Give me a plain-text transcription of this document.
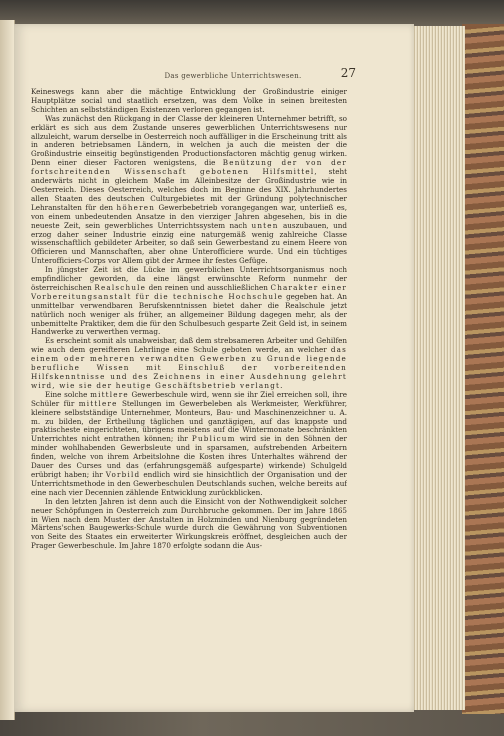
Das gewerbliche Unterrichtswesen.	27

Keineswegs kann aber die mächtige Entwicklung der Großindustrie einiger Hauptplätze social und staatlich ersetzen, was dem Volke in seinen breitesten Schichten an selbstständigen Existenzen verloren gegangen ist.

Was zunächst den Rückgang in der Classe der kleineren Unternehmer betrifft, so erklärt es sich aus dem Zustande unseres gewerblichen Unterrichtswesens nur allzuleicht, warum derselbe in Oesterreich noch auffälliger in die Erscheinung tritt als in anderen betriebsamen Ländern, in welchen ja auch die meisten der die Großindustrie einseitig begünstigenden Productionsfactoren mächtig genug wirken. Denn einer dieser Factoren wenigstens, die Benützung der von der fortschreitenden Wissenschaft gebotenen Hilfsmittel, steht anderwärts nicht in gleichem Maße im Alleinbesitze der Großindustrie wie in Oesterreich. Dieses Oesterreich, welches doch im Beginne des XIX. Jahrhundertes allen Staaten des deutschen Culturgebietes mit der Gründung polytechnischer Lehranstalten für den höheren Gewerbebetrieb vorangegangen war, unterließ es, von einem unbedeutenden Ansatze in den vierziger Jahren abgesehen, bis in die neueste Zeit, sein gewerbliches Unterrichtssystem nach unten auszubauen, und erzog daher seiner Industrie einzig eine naturgemäß wenig zahlreiche Classe wissenschaftlich gebildeter Arbeiter, so daß sein Gewerbestand zu einem Heere von Officieren und Mannschaften, aber ohne Unterofficiere wurde. Und ein tüchtiges Unterofficiers-Corps vor Allem gibt der Armee ihr festes Gefüge.

In jüngster Zeit ist die Lücke im gewerblichen Unterrichtsorganismus noch empfindlicher geworden, da eine längst erwünschte Reform nunmehr der österreichischen Realschule den reinen und ausschließlichen Charakter einer Vorbereitungsanstalt für die technische Hochschule gegeben hat. An unmittelbar verwendbaren Berufskenntnissen bietet daher die Realschule jetzt natürlich noch weniger als früher, an allgemeiner Bildung dagegen mehr, als der unbemittelte Praktiker, dem die für den Schulbesuch gesparte Zeit Geld ist, in seinem Handwerke zu verwerthen vermag.

Es erscheint somit als unabweisbar, daß dem strebsameren Arbeiter und Gehilfen wie auch dem gereifteren Lehrlinge eine Schule geboten werde, an welcher das einem oder mehreren verwandten Gewerben zu Grunde liegende berufliche Wissen mit Einschluß der vorbereitenden Hilfskenntnisse und des Zeichnens in einer Ausdehnung gelehrt wird, wie sie der heutige Geschäftsbetrieb verlangt.

Eine solche mittlere Gewerbeschule wird, wenn sie ihr Ziel erreichen soll, ihre Schüler für mittlere Stellungen im Gewerbeleben als Werkmeister, Werkführer, kleinere selbstständige Unternehmer, Monteurs, Bau- und Maschinenzeichner u. A. m. zu bilden, der Ertheilung täglichen und ganztägigen, auf das knappste und praktischeste eingerichteten, übrigens meistens auf die Wintermonate beschränkten Unterrichtes nicht entrathen können; ihr Publicum wird sie in den Söhnen der minder wohlhabenden Gewerbsleute und in sparsamen, aufstrebenden Arbeitern finden, welche von ihrem Arbeitslohne die Kosten ihres Unterhaltes während der Dauer des Curses und das (erfahrungsgemäß aufgesparte) wirkende) Schulgeld erübrigt haben; ihr Vorbild endlich wird sie hinsichtlich der Organisation und der Unterrichtsmethode in den Gewerbeschulen Deutschlands suchen, welche bereits auf eine nach vier Decennien zählende Entwicklung zurückblicken.

In den letzten Jahren ist denn auch die Einsicht von der Nothwendigkeit solcher neuer Schöpfungen in Oesterreich zum Durchbruche gekommen. Der im Jahre 1865 in Wien nach dem Muster der Anstalten in Holzminden und Nienburg gegründeten Märtens'schen Baugewerks-Schule wurde durch die Gewährung von Subventionen von Seite des Staates ein erweiterter Wirkungskreis eröffnet, desgleichen auch der Prager Gewerbeschule. Im Jahre 1870 erfolgte sodann die Aus-
